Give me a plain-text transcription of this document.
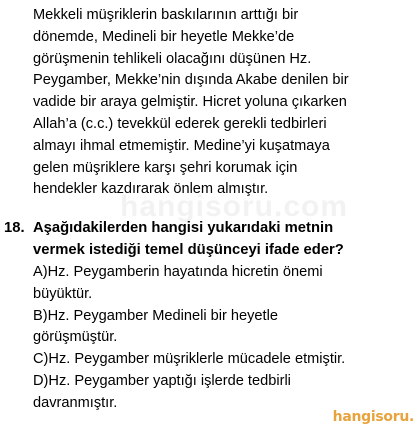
hangisoru.com
Mekkeli müşriklerin baskılarının arttığı bir
dönemde, Medineli bir heyetle Mekke’de
görüşmenin tehlikeli olacağını düşünen Hz.
Peygamber, Mekke’nin dışında Akabe denilen bir
vadide bir araya gelmiştir. Hicret yoluna çıkarken
Allah’a (c.c.) tevekkül ederek gerekli tedbirleri
almayı ihmal etmemiştir. Medine’yi kuşatmaya
gelen müşriklere karşı şehri korumak için
hendekler kazdırarak önlem almıştır.
18. Aşağıdakilerden hangisi yukarıdaki metnin
vermek istediği temel düşünceyi ifade eder?
A)Hz. Peygamberin hayatında hicretin önemi
büyüktür.
B)Hz. Peygamber Medineli bir heyetle
görüşmüştür.
C)Hz. Peygamber müşriklerle mücadele etmiştir.
D)Hz. Peygamber yaptığı işlerde tedbirli
davranmıştır.
hangisoru.
